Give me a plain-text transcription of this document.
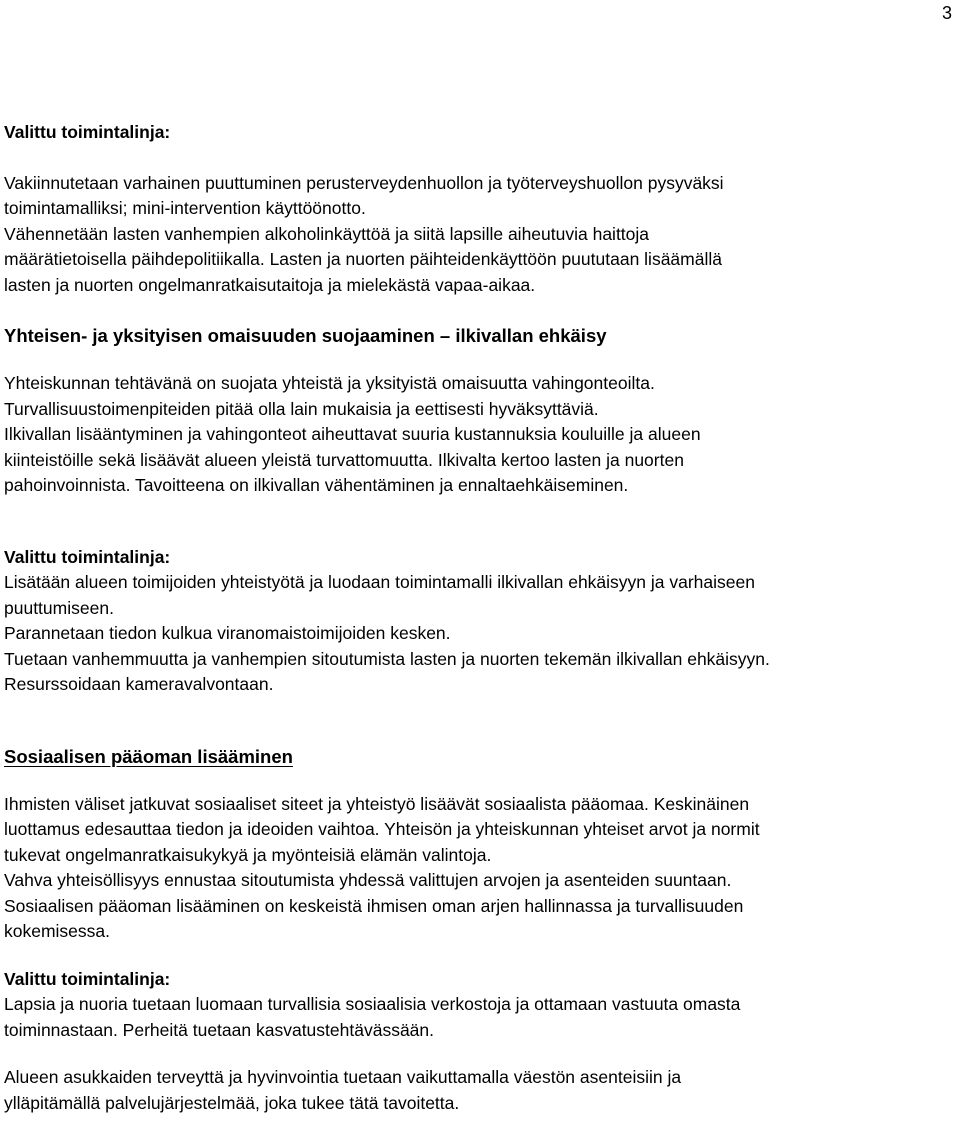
3

Valittu toimintalinja:

Vakiinnutetaan varhainen puuttuminen perusterveydenhuollon ja työterveyshuollon pysyväksi

toimintamalliksi; mini-intervention käyttöönotto.

Vähennetään lasten vanhempien alkoholinkäyttöä ja siitä lapsille aiheutuvia haittoja

määrätietoisella päihdepolitiikalla. Lasten ja nuorten päihteidenkäyttöön puututaan lisäämällä

lasten ja nuorten ongelmanratkaisutaitoja ja mielekästä vapaa-aikaa.

Yhteisen- ja yksityisen omaisuuden suojaaminen – ilkivallan ehkäisy

Yhteiskunnan tehtävänä on suojata yhteistä ja yksityistä omaisuutta vahingonteoilta.

Turvallisuustoimenpiteiden pitää olla lain mukaisia ja eettisesti hyväksyttäviä.

Ilkivallan lisääntyminen ja vahingonteot aiheuttavat suuria kustannuksia kouluille ja alueen

kiinteistöille sekä lisäävät alueen yleistä turvattomuutta. Ilkivalta kertoo lasten ja nuorten

pahoinvoinnista. Tavoitteena on ilkivallan vähentäminen ja ennaltaehkäiseminen.

Valittu toimintalinja:

Lisätään alueen toimijoiden yhteistyötä ja luodaan toimintamalli ilkivallan ehkäisyyn ja varhaiseen

puuttumiseen.

Parannetaan tiedon kulkua viranomaistoimijoiden kesken.

Tuetaan vanhemmuutta ja vanhempien sitoutumista lasten ja nuorten tekemän ilkivallan ehkäisyyn.

Resurssoidaan kameravalvontaan.

Sosiaalisen pääoman lisääminen

Ihmisten väliset jatkuvat sosiaaliset siteet ja yhteistyö lisäävät sosiaalista pääomaa. Keskinäinen

luottamus edesauttaa tiedon ja ideoiden vaihtoa. Yhteisön ja yhteiskunnan yhteiset arvot ja normit

tukevat ongelmanratkaisukykyä ja myönteisiä elämän valintoja.

Vahva yhteisöllisyys ennustaa sitoutumista yhdessä valittujen arvojen ja asenteiden suuntaan.

Sosiaalisen pääoman lisääminen on keskeistä ihmisen oman arjen hallinnassa ja turvallisuuden

kokemisessa.

Valittu toimintalinja:

Lapsia ja nuoria tuetaan luomaan turvallisia sosiaalisia verkostoja ja ottamaan vastuuta omasta

toiminnastaan. Perheitä tuetaan kasvatustehtävässään.

Alueen asukkaiden terveyttä ja hyvinvointia tuetaan vaikuttamalla väestön asenteisiin ja

ylläpitämällä palvelujärjestelmää, joka tukee tätä tavoitetta.
